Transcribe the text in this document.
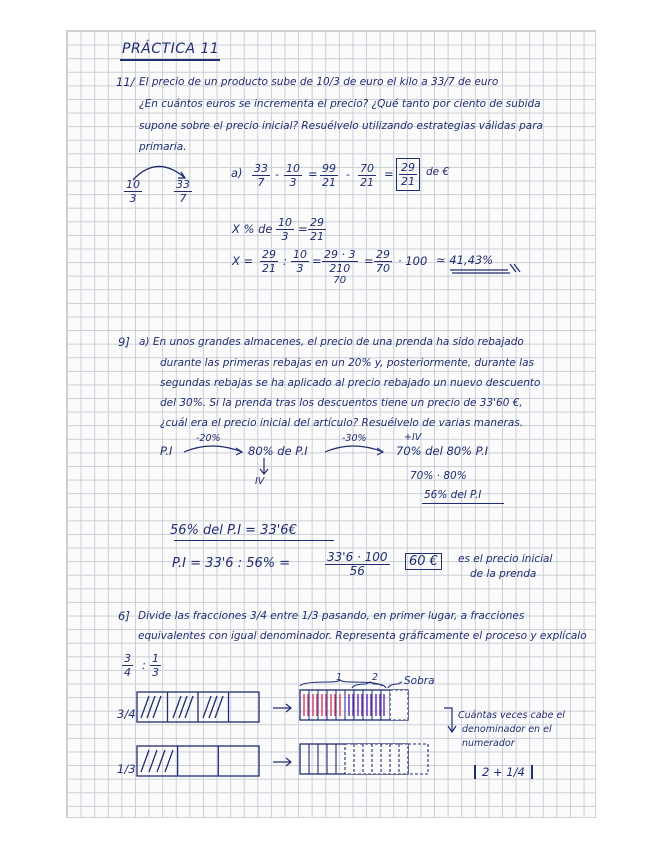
PRÁCTICA 11
11/ El precio de un producto sube de 10/3 de euro el kilo a 33/7 de euro
¿En cuántos euros se incrementa el precio? ¿Qué tanto por ciento de subida
supone sobre el precio inicial? Resuélvelo utilizando estrategias válidas para
primaria.
$\frac{10}{3}$	$\frac{33}{7}$
$a) \frac{33}{7} - \frac{10}{3} = \frac{99}{21} - \frac{70}{21} = \frac{29}{21}$ de €
X % de $\frac{10}{3} = \frac{29}{21}$
$X = \frac{29}{21}$ : $\frac{10}{3} = 29 \cdot 3$
210
70
= $\frac{29}{70} \cdot 100$ ≃ 41,43%
9] a) En unos grandes almacenes, el precio de una prenda ha sido rebajado
durante las primeras rebajas en un 20% y, posteriormente, durante las
segundas rebajas se ha aplicado al precio rebajado un nuevo descuento
del 30%. Si la prenda tras los descuentos tiene un precio de 33'60 €,
¿cuál era el precio inicial del artículo? Resuélvelo de varias maneras.
P.I
-20%
80% de P.I
-30%	+IV
70% del 80% P.I
IV	70% · 80%
56% del P.I
56% del P.I = 33'6€
P.I = 33'6 : 56% =	$\frac{33'6 \cdot 100}{56}$	60 €	es el precio inicial
de la prenda
6] Divide las fracciones 3/4 entre 1/3 pasando, en primer lugar, a fracciones
equivalentes con igual denominador. Representa gráficamente el proceso y explícalo
$\frac{3}{4}$ : $\frac{1}{3}$
3/4
1/3
1	2 Sobra
Cuántas veces cabe el
denominador en el
numerador
2 + 1/4
